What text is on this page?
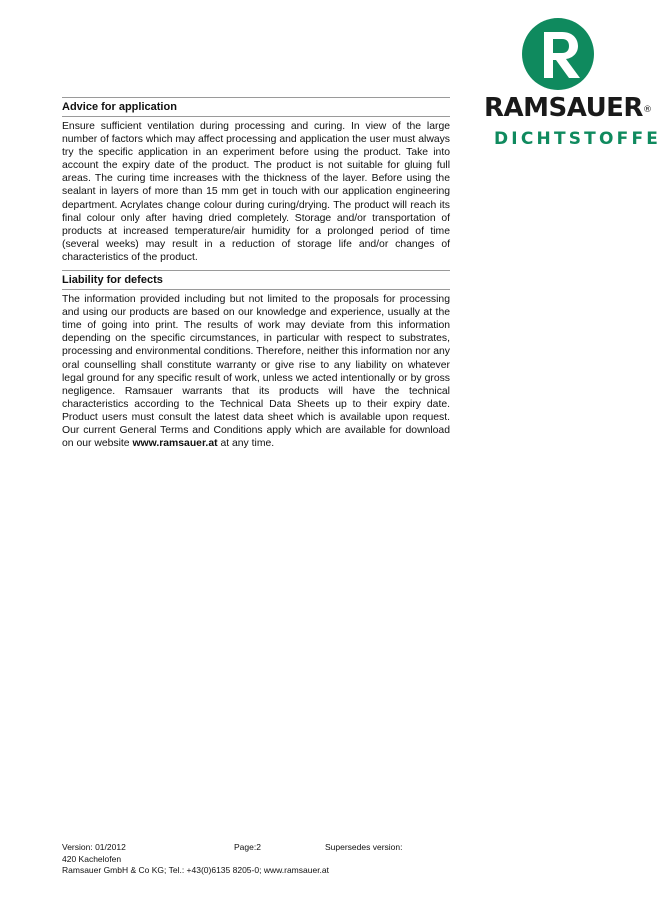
RAMSAUER®
DICHTSTOFFE
Advice for application

Ensure sufficient ventilation during processing and curing. In view of the large number of factors which may affect processing and application the user must always try the specific application in an experiment before using the product. Take into account the expiry date of the product. The product is not suitable for gluing full areas. The curing time increases with the thickness of the layer. Before using the sealant in layers of more than 15 mm get in touch with our application engineering department. Acrylates change colour during curing/drying. The product will reach its final colour only after having dried completely. Storage and/or transportation of products at increased temperature/air humidity for a prolonged period of time (several weeks) may result in a reduction of storage life and/or changes of characteristics of the product.

Liability for defects

The information provided including but not limited to the proposals for processing and using our products are based on our knowledge and experience, usually at the time of going into print. The results of work may deviate from this information depending on the specific circumstances, in particular with respect to substrates, processing and environmental conditions. Therefore, neither this information nor any oral counselling shall constitute warranty or give rise to any liability on whatever legal ground for any specific result of work, unless we acted intentionally or by gross negligence. Ramsauer warrants that its products will have the technical characteristics according to the Technical Data Sheets up to their expiry date. Product users must consult the latest data sheet which is available upon request. Our current General Terms and Conditions apply which are available for download on our website www.ramsauer.at at any time.

Version: 01/2012	Page:2	Supersedes version:
420 Kachelofen
Ramsauer GmbH & Co KG; Tel.: +43(0)6135 8205-0; www.ramsauer.at
